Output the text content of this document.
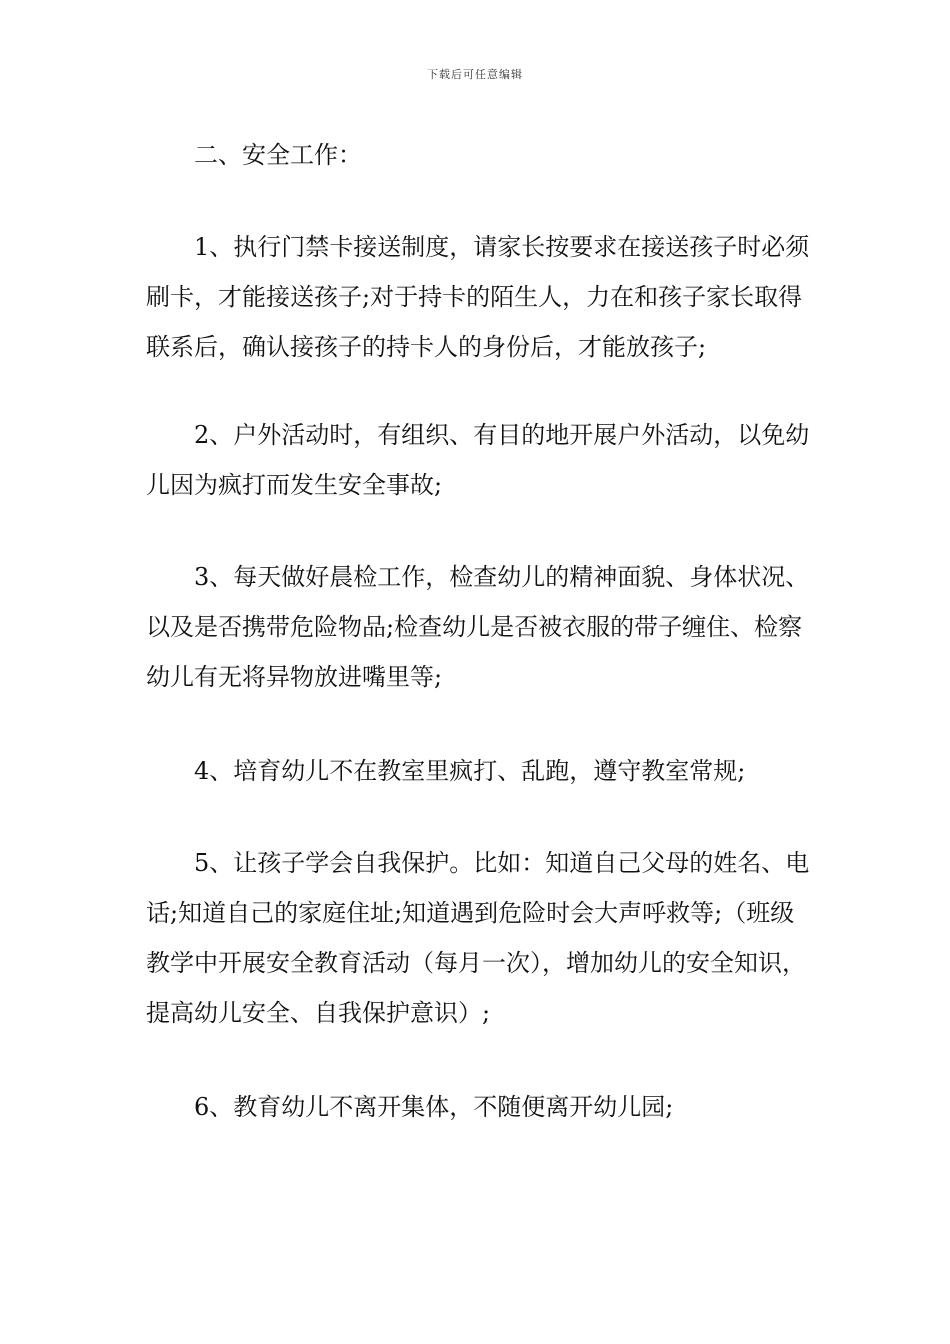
下载后可任意编辑

二、安全工作：

1、执行门禁卡接送制度，请家长按要求在接送孩子时必须刷卡，才能接送孩子;对于持卡的陌生人，力在和孩子家长取得联系后，确认接孩子的持卡人的身份后，才能放孩子;

2、户外活动时，有组织、有目的地开展户外活动，以免幼儿因为疯打而发生安全事故;

3、每天做好晨检工作，检查幼儿的精神面貌、身体状况、以及是否携带危险物品;检查幼儿是否被衣服的带子缠住、检察幼儿有无将异物放进嘴里等;

4、培育幼儿不在教室里疯打、乱跑，遵守教室常规;

5、让孩子学会自我保护。比如：知道自己父母的姓名、电话;知道自己的家庭住址;知道遇到危险时会大声呼救等;（班级教学中开展安全教育活动（每月一次），增加幼儿的安全知识，提高幼儿安全、自我保护意识）;

6、教育幼儿不离开集体，不随便离开幼儿园;
